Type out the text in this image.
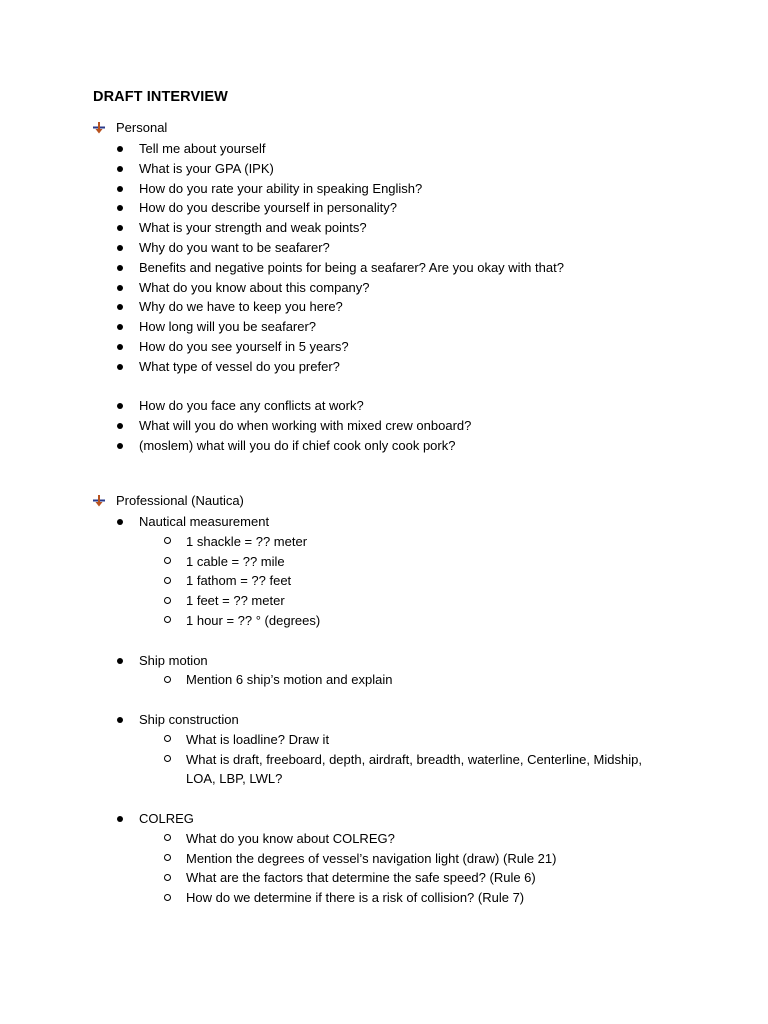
DRAFT INTERVIEW
Personal
Tell me about yourself
What is your GPA (IPK)
How do you rate your ability in speaking English?
How do you describe yourself in personality?
What is your strength and weak points?
Why do you want to be seafarer?
Benefits and negative points for being a seafarer? Are you okay with that?
What do you know about this company?
Why do we have to keep you here?
How long will you be seafarer?
How do you see yourself in 5 years?
What type of vessel do you prefer?
How do you face any conflicts at work?
What will you do when working with mixed crew onboard?
(moslem) what will you do if chief cook only cook pork?
Professional (Nautica)
Nautical measurement
1 shackle = ?? meter
1 cable = ?? mile
1 fathom = ?? feet
1 feet = ?? meter
1 hour = ?? ° (degrees)
Ship motion
Mention 6 ship’s motion and explain
Ship construction
What is loadline? Draw it
What is draft, freeboard, depth, airdraft, breadth, waterline, Centerline, Midship, LOA, LBP, LWL?
COLREG
What do you know about COLREG?
Mention the degrees of vessel’s navigation light (draw) (Rule 21)
What are the factors that determine the safe speed? (Rule 6)
How do we determine if there is a risk of collision? (Rule 7)
